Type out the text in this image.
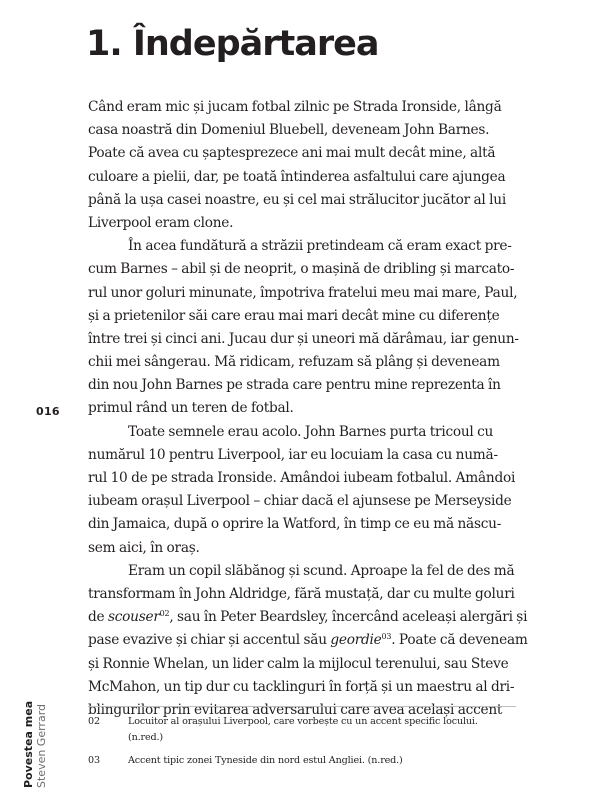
1. Îndepărtarea
016
Povestea mea Steven Gerrard
Când eram mic și jucam fotbal zilnic pe Strada Ironside, lângă
casa noastră din Domeniul Bluebell, deveneam John Barnes.
Poate că avea cu șaptesprezece ani mai mult decât mine, altă
culoare a pielii, dar, pe toată întinderea asfaltului care ajungea
până la ușa casei noastre, eu și cel mai strălucitor jucător al lui
Liverpool eram clone.
În acea fundătură a străzii pretindeam că eram exact pre-
cum Barnes – abil și de neoprit, o mașină de dribling și marcato-
rul unor goluri minunate, împotriva fratelui meu mai mare, Paul,
și a prietenilor săi care erau mai mari decât mine cu diferențe
între trei și cinci ani. Jucau dur și uneori mă dărâmau, iar genun-
chii mei sângerau. Mă ridicam, refuzam să plâng și deveneam
din nou John Barnes pe strada care pentru mine reprezenta în
primul rând un teren de fotbal.
Toate semnele erau acolo. John Barnes purta tricoul cu
numărul 10 pentru Liverpool, iar eu locuiam la casa cu numă-
rul 10 de pe strada Ironside. Amândoi iubeam fotbalul. Amândoi
iubeam orașul Liverpool – chiar dacă el ajunsese pe Merseyside
din Jamaica, după o oprire la Watford, în timp ce eu mă născu-
sem aici, în oraș.
Eram un copil slăbănog și scund. Aproape la fel de des mă
transformam în John Aldridge, fără mustață, dar cu multe goluri
de scouser$^{02}$, sau în Peter Beardsley, încercând aceleași alergări și
pase evazive și chiar și accentul său geordie$^{03}$. Poate că deveneam
și Ronnie Whelan, un lider calm la mijlocul terenului, sau Steve
McMahon, un tip dur cu tacklinguri în forță și un maestru al dri-
blingurilor prin evitarea adversarului care avea același accent
02	Locuitor al orașului Liverpool, care vorbește cu un accent specific locului.
(n.red.)
03	Accent tipic zonei Tyneside din nord estul Angliei. (n.red.)
